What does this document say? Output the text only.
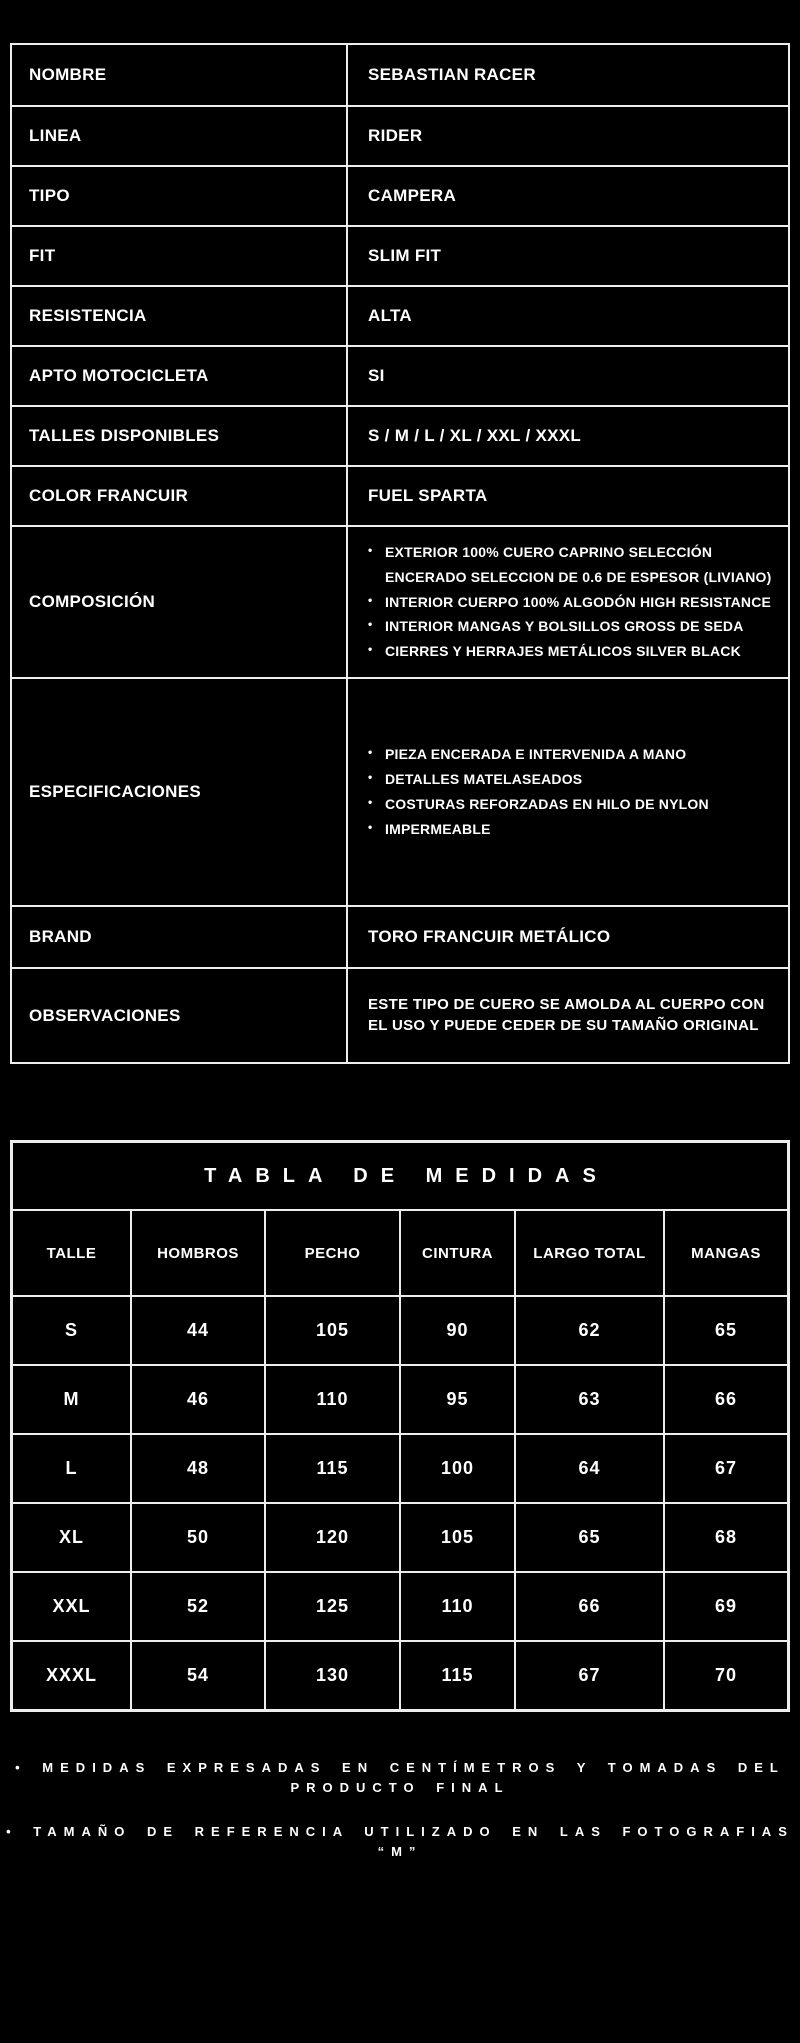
NOMBRE	SEBASTIAN RACER
LINEA	RIDER
TIPO	CAMPERA
FIT	SLIM FIT
RESISTENCIA	ALTA
APTO MOTOCICLETA	SI
TALLES DISPONIBLES	S / M / L / XL / XXL / XXXL
COLOR FRANCUIR	FUEL SPARTA
COMPOSICIÓN
• EXTERIOR 100% CUERO CAPRINO SELECCIÓN ENCERADO SELECCION DE 0.6 DE ESPESOR (LIVIANO)
• INTERIOR CUERPO 100% ALGODÓN HIGH RESISTANCE
• INTERIOR MANGAS Y BOLSILLOS GROSS DE SEDA
• CIERRES Y HERRAJES METÁLICOS SILVER BLACK
ESPECIFICACIONES
• PIEZA ENCERADA E INTERVENIDA A MANO
• DETALLES MATELASEADOS
• COSTURAS REFORZADAS EN HILO DE NYLON
• IMPERMEABLE
BRAND	TORO FRANCUIR METÁLICO
OBSERVACIONES
ESTE TIPO DE CUERO SE AMOLDA AL CUERPO CON EL USO Y PUEDE CEDER DE SU TAMAÑO ORIGINAL
TABLA DE MEDIDAS
TALLE	HOMBROS	PECHO	CINTURA	LARGO TOTAL	MANGAS
S	44	105	90	62	65
M	46	110	95	63	66
L	48	115	100	64	67
XL	50	120	105	65	68
XXL	52	125	110	66	69
XXXL	54	130	115	67	70
• MEDIDAS EXPRESADAS EN CENTÍMETROS Y TOMADAS DEL
PRODUCTO FINAL
• TAMAÑO DE REFERENCIA UTILIZADO EN LAS FOTOGRAFIAS “M”
